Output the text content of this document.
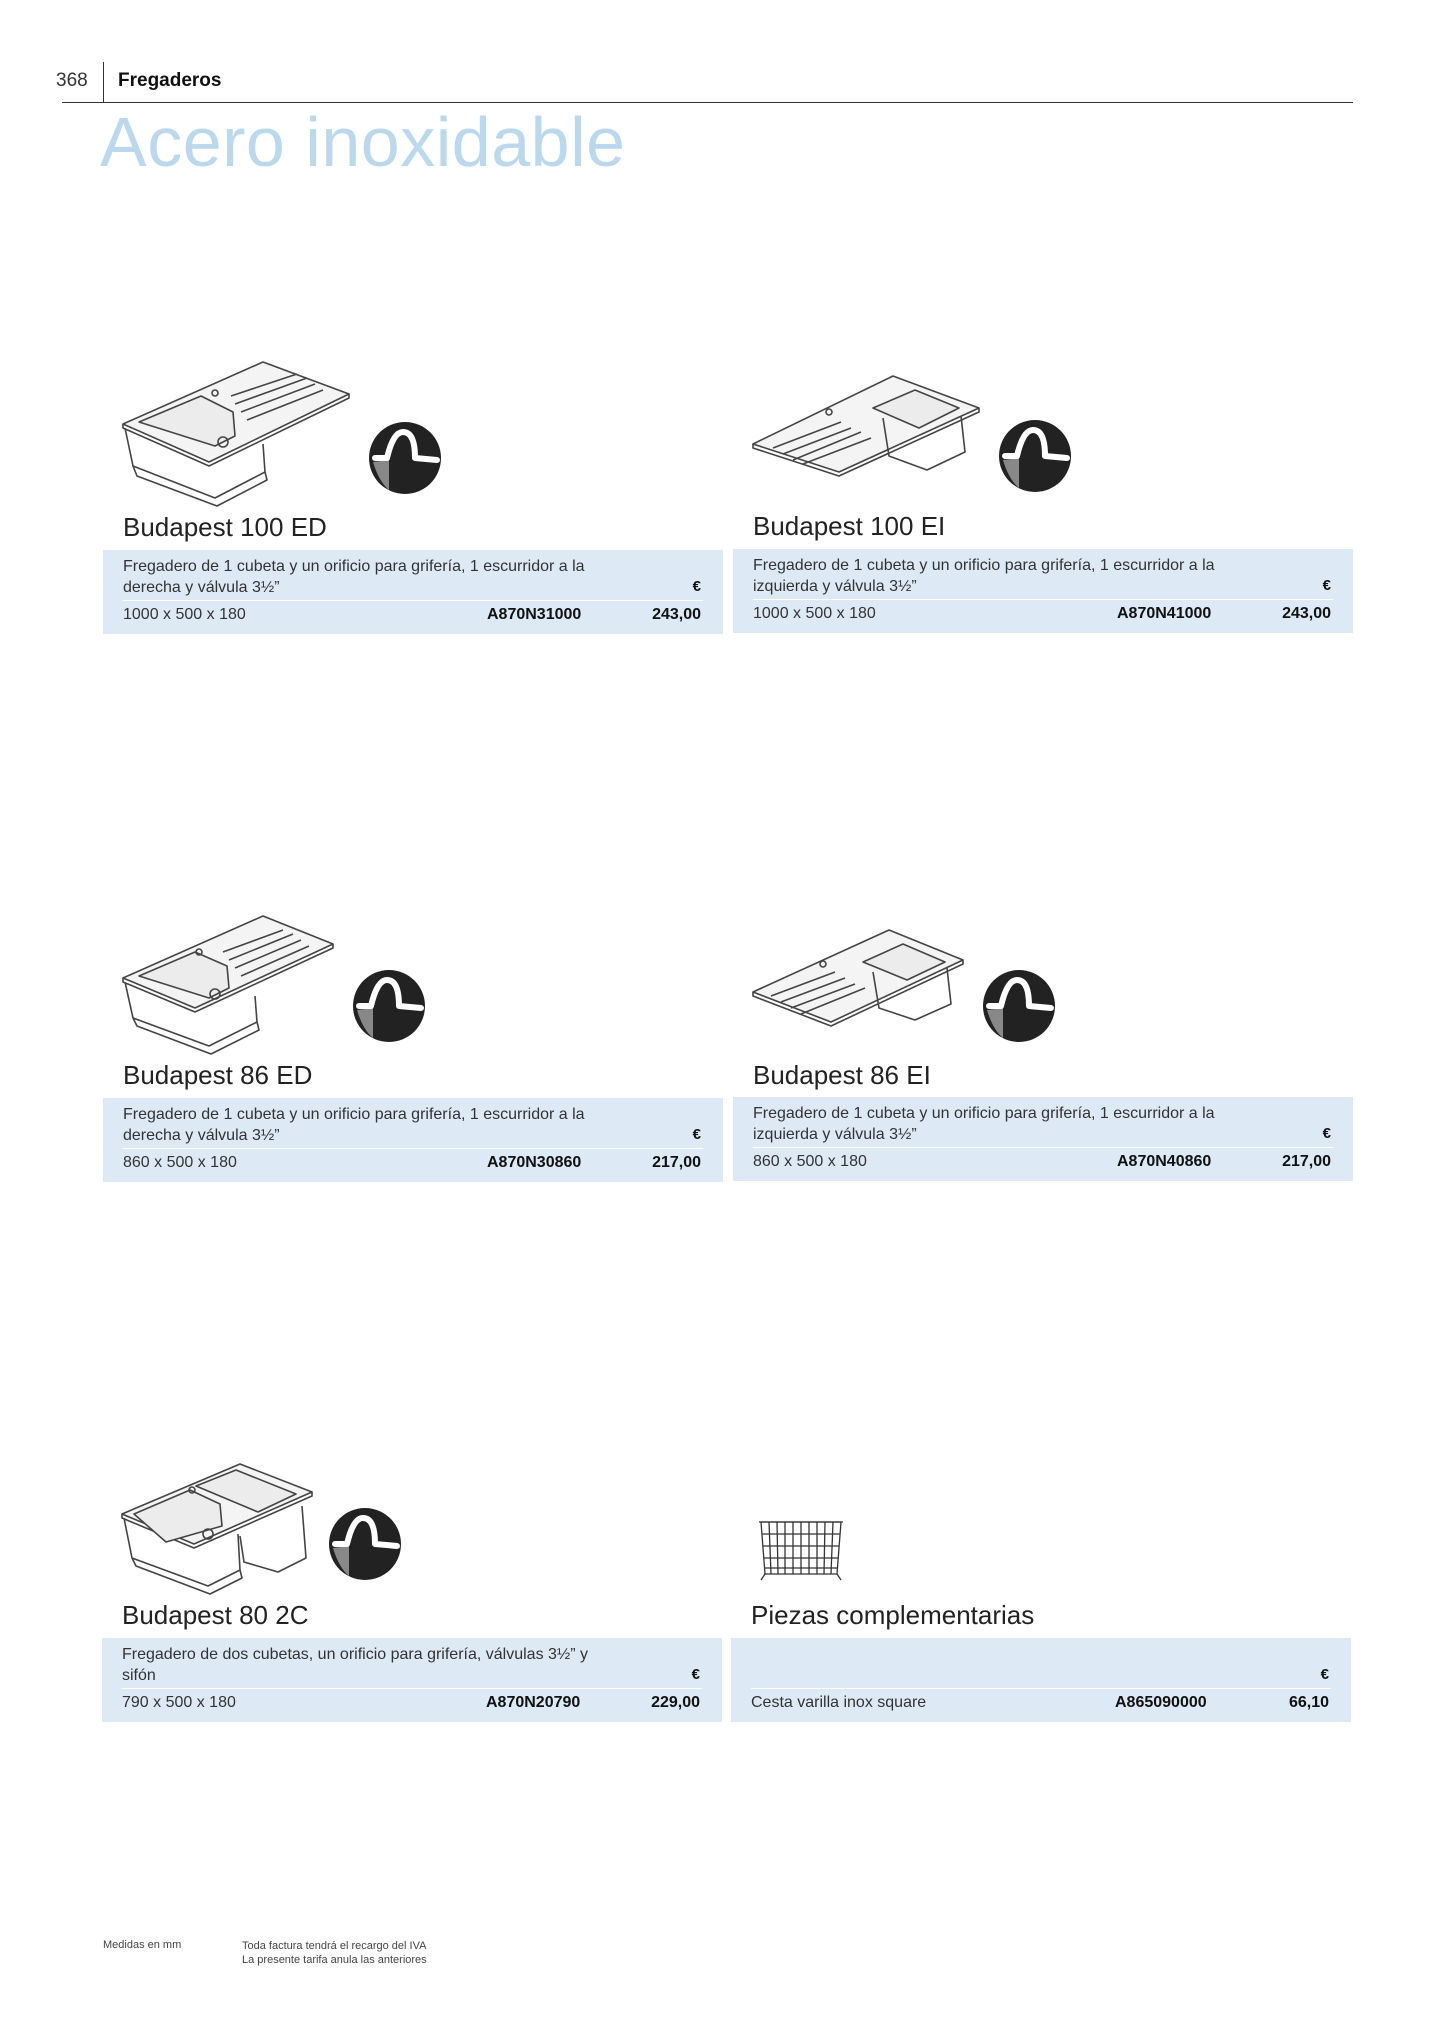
368 Fregaderos
Acero inoxidable
Budapest 100 ED
Fregadero de 1 cubeta y un orificio para grifería, 1 escurridor a la derecha y válvula 3½”	€
1000 x 500 x 180	A870N31000	243,00
Budapest 100 EI
Fregadero de 1 cubeta y un orificio para grifería, 1 escurridor a la izquierda y válvula 3½”	€
1000 x 500 x 180	A870N41000	243,00
Budapest 86 ED
Fregadero de 1 cubeta y un orificio para grifería, 1 escurridor a la derecha y válvula 3½”	€
860 x 500 x 180	A870N30860	217,00
Budapest 86 EI
Fregadero de 1 cubeta y un orificio para grifería, 1 escurridor a la izquierda y válvula 3½”	€
860 x 500 x 180	A870N40860	217,00
Budapest 80 2C
Fregadero de dos cubetas, un orificio para grifería, válvulas 3½” y sifón	€
790 x 500 x 180	A870N20790	229,00
Piezas complementarias
€
Cesta varilla inox square	A865090000	66,10
Medidas en mm	Toda factura tendrá el recargo del IVA
La presente tarifa anula las anteriores
